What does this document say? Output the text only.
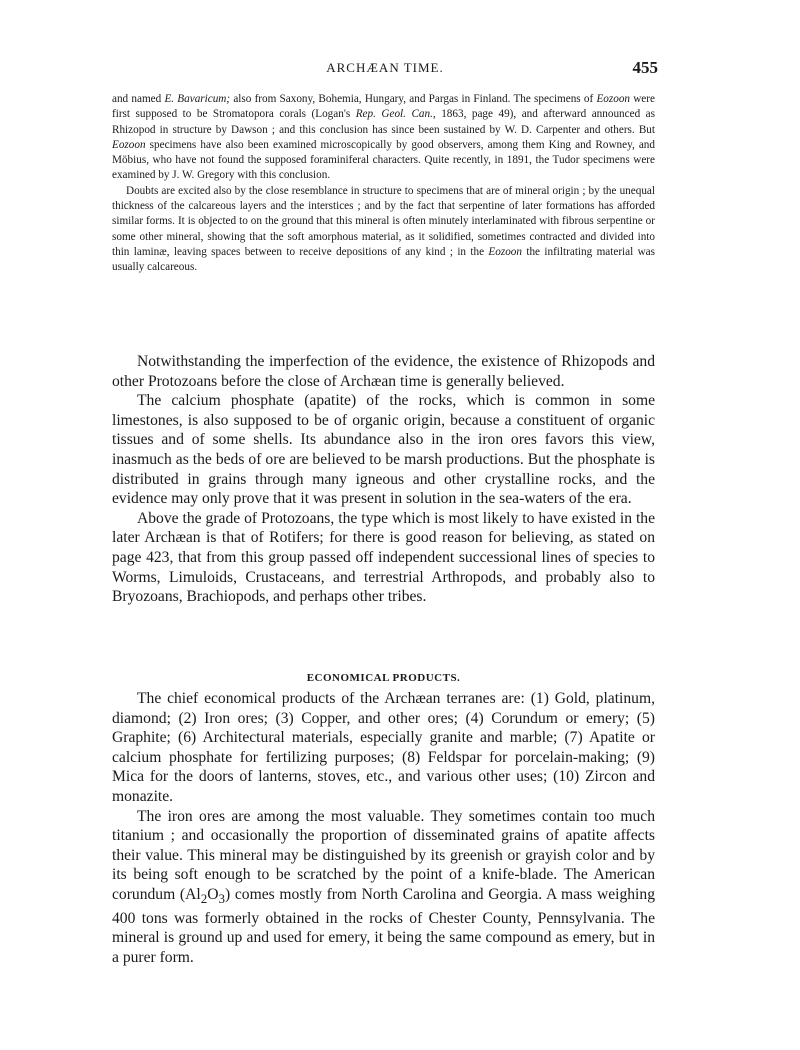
ARCHÆAN TIME.	455

and named E. Bavaricum; also from Saxony, Bohemia, Hungary, and Pargas in Finland. The specimens of Eozoon were first supposed to be Stromatopora corals (Logan's Rep. Geol. Can., 1863, page 49), and afterward announced as Rhizopod in structure by Dawson ; and this conclusion has since been sustained by W. D. Carpenter and others. But Eozoon specimens have also been examined microscopically by good observers, among them King and Rowney, and Möbius, who have not found the supposed foraminiferal characters. Quite recently, in 1891, the Tudor specimens were examined by J. W. Gregory with this conclusion.

Doubts are excited also by the close resemblance in structure to specimens that are of mineral origin ; by the unequal thickness of the calcareous layers and the interstices ; and by the fact that serpentine of later formations has afforded similar forms. It is objected to on the ground that this mineral is often minutely interlaminated with fibrous serpentine or some other mineral, showing that the soft amorphous material, as it solidified, sometimes contracted and divided into thin laminæ, leaving spaces between to receive depositions of any kind ; in the Eozoon the infiltrating material was usually calcareous.

Notwithstanding the imperfection of the evidence, the existence of Rhizopods and other Protozoans before the close of Archæan time is generally believed.

The calcium phosphate (apatite) of the rocks, which is common in some limestones, is also supposed to be of organic origin, because a constituent of organic tissues and of some shells. Its abundance also in the iron ores favors this view, inasmuch as the beds of ore are believed to be marsh productions. But the phosphate is distributed in grains through many igneous and other crystalline rocks, and the evidence may only prove that it was present in solution in the sea-waters of the era.

Above the grade of Protozoans, the type which is most likely to have existed in the later Archæan is that of Rotifers; for there is good reason for believing, as stated on page 423, that from this group passed off independent successional lines of species to Worms, Limuloids, Crustaceans, and terrestrial Arthropods, and probably also to Bryozoans, Brachiopods, and perhaps other tribes.

ECONOMICAL PRODUCTS.

The chief economical products of the Archæan terranes are: (1) Gold, platinum, diamond; (2) Iron ores; (3) Copper, and other ores; (4) Corundum or emery; (5) Graphite; (6) Architectural materials, especially granite and marble; (7) Apatite or calcium phosphate for fertilizing purposes; (8) Feldspar for porcelain-making; (9) Mica for the doors of lanterns, stoves, etc., and various other uses; (10) Zircon and monazite.

The iron ores are among the most valuable. They sometimes contain too much titanium ; and occasionally the proportion of disseminated grains of apatite affects their value. This mineral may be distinguished by its greenish or grayish color and by its being soft enough to be scratched by the point of a knife-blade. The American corundum $(Al_2O_3)$ comes mostly from North Carolina and Georgia. A mass weighing 400 tons was formerly obtained in the rocks of Chester County, Pennsylvania. The mineral is ground up and used for emery, it being the same compound as emery, but in a purer form.
